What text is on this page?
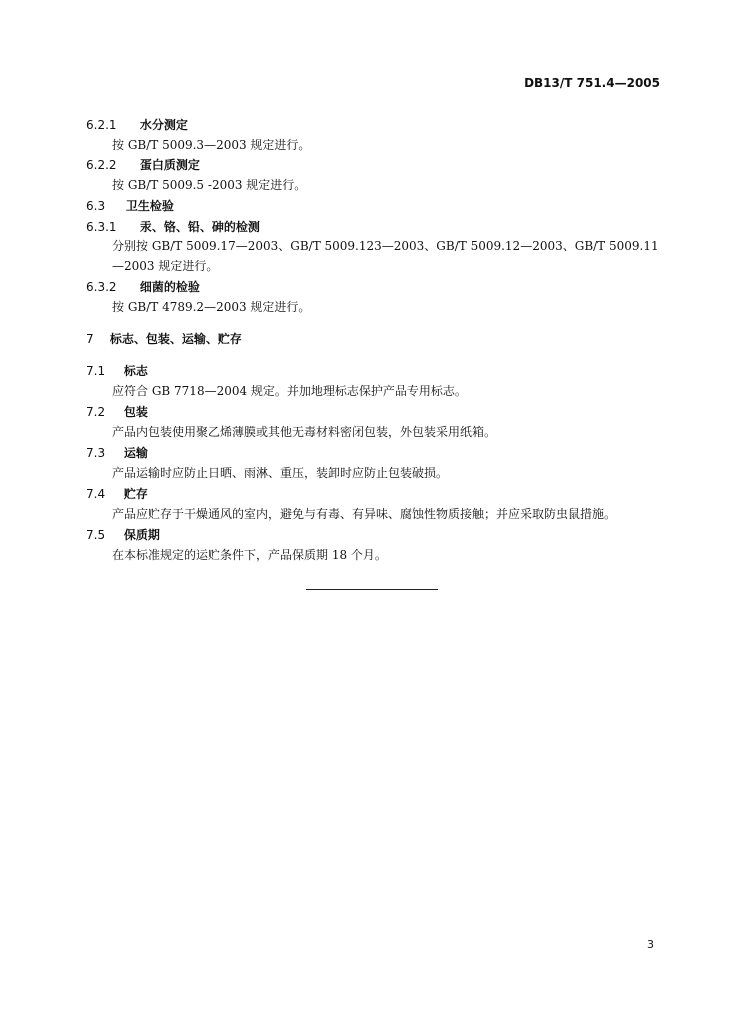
DB13/T 751.4—2005
6.2.1 水分测定
按 GB/T 5009.3—2003 规定进行。
6.2.2 蛋白质测定
按 GB/T 5009.5 -2003 规定进行。
6.3 卫生检验
6.3.1 汞、铬、铅、砷的检测
分别按 GB/T 5009.17—2003、GB/T 5009.123—2003、GB/T 5009.12—2003、GB/T 5009.11—2003 规定进行。
6.3.2 细菌的检验
按 GB/T 4789.2—2003 规定进行。
7 标志、包装、运输、贮存
7.1 标志
应符合 GB 7718—2004 规定。并加地理标志保护产品专用标志。
7.2 包装
产品内包装使用聚乙烯薄膜或其他无毒材料密闭包装，外包装采用纸箱。
7.3 运输
产品运输时应防止日晒、雨淋、重压，装卸时应防止包装破损。
7.4 贮存
产品应贮存于干燥通风的室内，避免与有毒、有异味、腐蚀性物质接触；并应采取防虫鼠措施。
7.5 保质期
在本标准规定的运贮条件下，产品保质期 18 个月。
3
